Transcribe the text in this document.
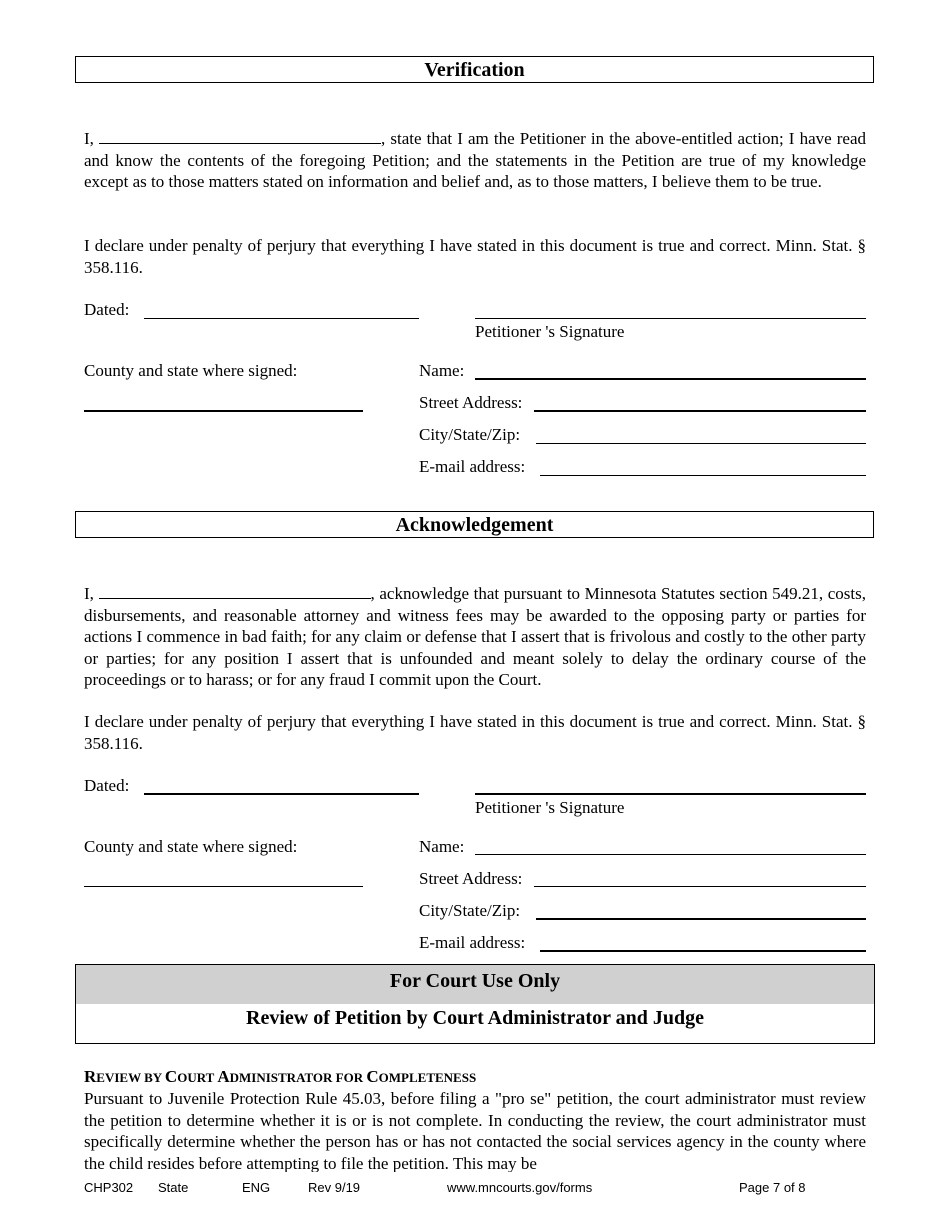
Verification
I,	, state that I am the Petitioner in the above-entitled action; I have read and know the contents of the foregoing Petition; and the statements in the Petition are true of my knowledge except as to those matters stated on information and belief and, as to those matters, I believe them to be true.
I declare under penalty of perjury that everything I have stated in this document is true and correct. Minn. Stat. § 358.116.
Dated:
Petitioner 's Signature
County and state where signed:	Name:
Street Address:
City/State/Zip:
E-mail address:
Acknowledgement
I,	, acknowledge that pursuant to Minnesota Statutes section 549.21, costs, disbursements, and reasonable attorney and witness fees may be awarded to the opposing party or parties for actions I commence in bad faith; for any claim or defense that I assert that is frivolous and costly to the other party or parties; for any position I assert that is unfounded and meant solely to delay the ordinary course of the proceedings or to harass; or for any fraud I commit upon the Court.
I declare under penalty of perjury that everything I have stated in this document is true and correct. Minn. Stat. § 358.116.
Dated:
Petitioner 's Signature
County and state where signed:	Name:
Street Address:
City/State/Zip:
E-mail address:
For Court Use Only
Review of Petition by Court Administrator and Judge
REVIEW BY COURT ADMINISTRATOR FOR COMPLETENESS
Pursuant to Juvenile Protection Rule 45.03, before filing a "pro se" petition, the court administrator must review the petition to determine whether it is or is not complete. In conducting the review, the court administrator must specifically determine whether the person has or has not contacted the social services agency in the county where the child resides before attempting to file the petition. This may be
CHP302 State	ENG	Rev 9/19	www.mncourts.gov/forms	Page 7 of 8
